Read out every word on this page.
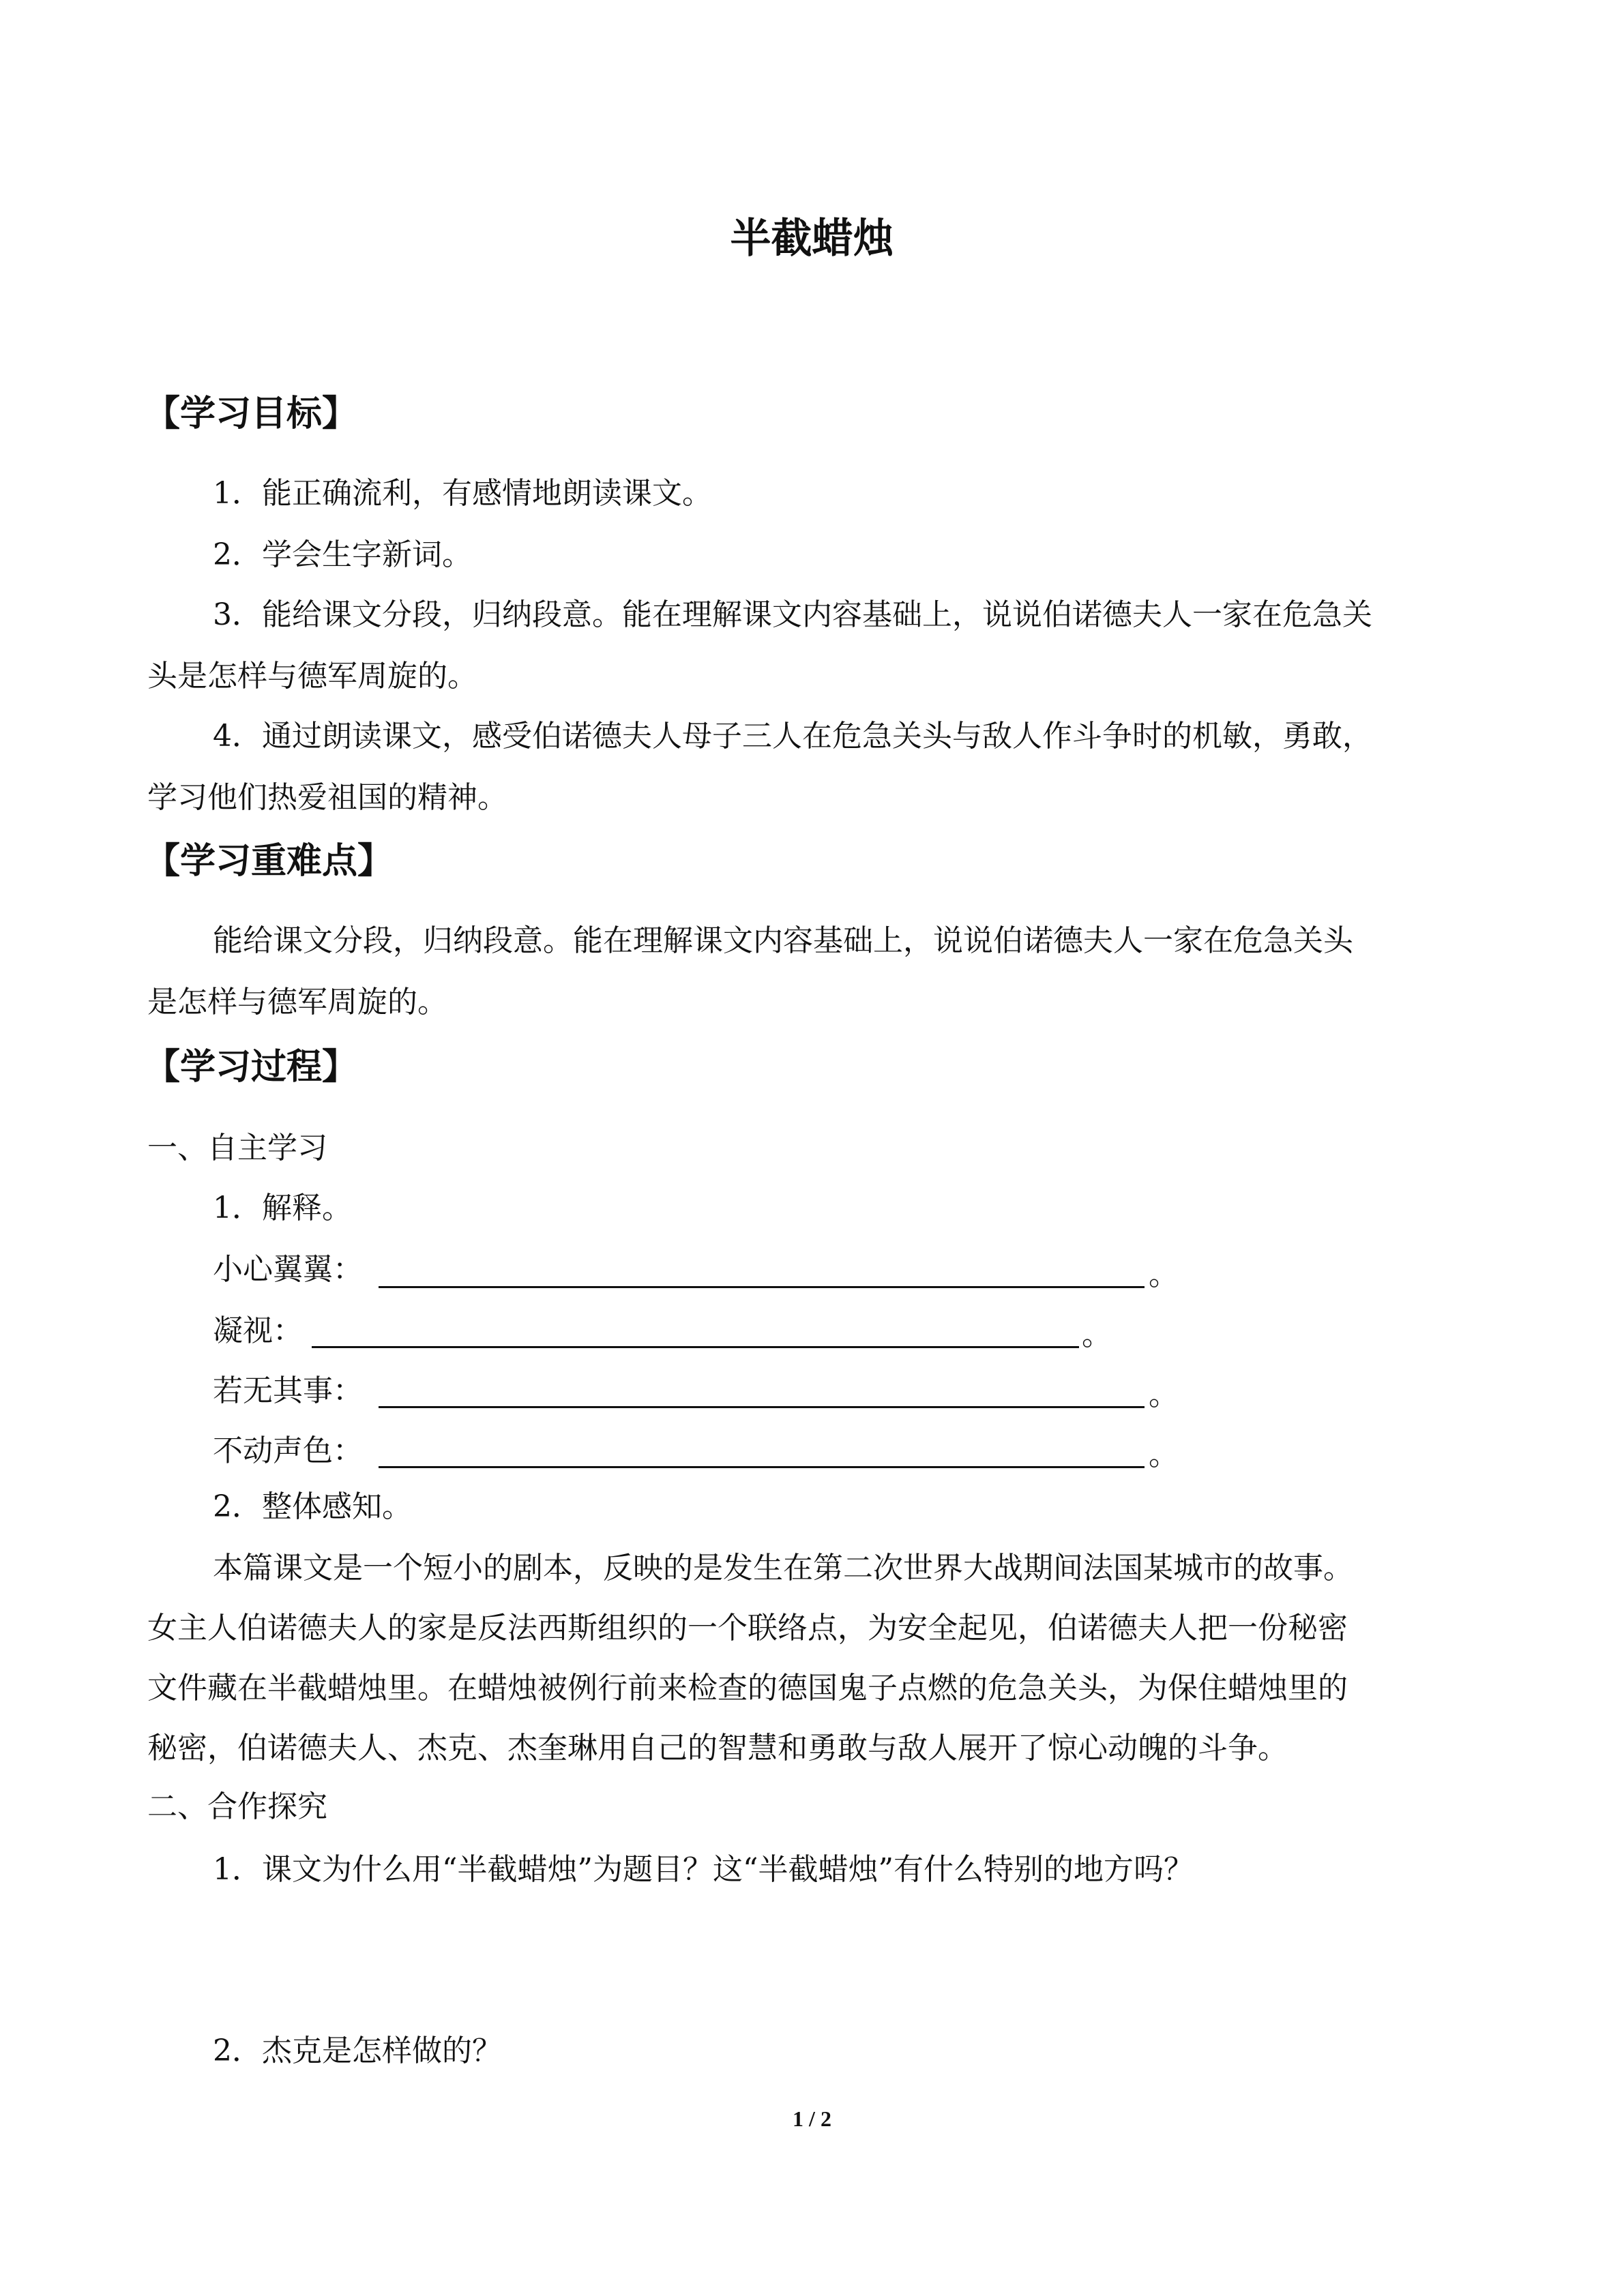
半截蜡烛
【学习目标】
1．能正确流利，有感情地朗读课文。
2．学会生字新词。
3．能给课文分段，归纳段意。能在理解课文内容基础上，说说伯诺德夫人一家在危急关
头是怎样与德军周旋的。
4．通过朗读课文，感受伯诺德夫人母子三人在危急关头与敌人作斗争时的机敏，勇敢，
学习他们热爱祖国的精神。
【学习重难点】
能给课文分段，归纳段意。能在理解课文内容基础上，说说伯诺德夫人一家在危急关头
是怎样与德军周旋的。
【学习过程】
一、自主学习
1．解释。
小心翼翼：	。
凝视：	。
若无其事：	。
不动声色：	。
2．整体感知。
本篇课文是一个短小的剧本，反映的是发生在第二次世界大战期间法国某城市的故事。
女主人伯诺德夫人的家是反法西斯组织的一个联络点，为安全起见，伯诺德夫人把一份秘密
文件藏在半截蜡烛里。在蜡烛被例行前来检查的德国鬼子点燃的危急关头，为保住蜡烛里的
秘密，伯诺德夫人、杰克、杰奎琳用自己的智慧和勇敢与敌人展开了惊心动魄的斗争。
二、合作探究
1．课文为什么用“半截蜡烛”为题目？这“半截蜡烛”有什么特别的地方吗？
2．杰克是怎样做的？
1 / 2
